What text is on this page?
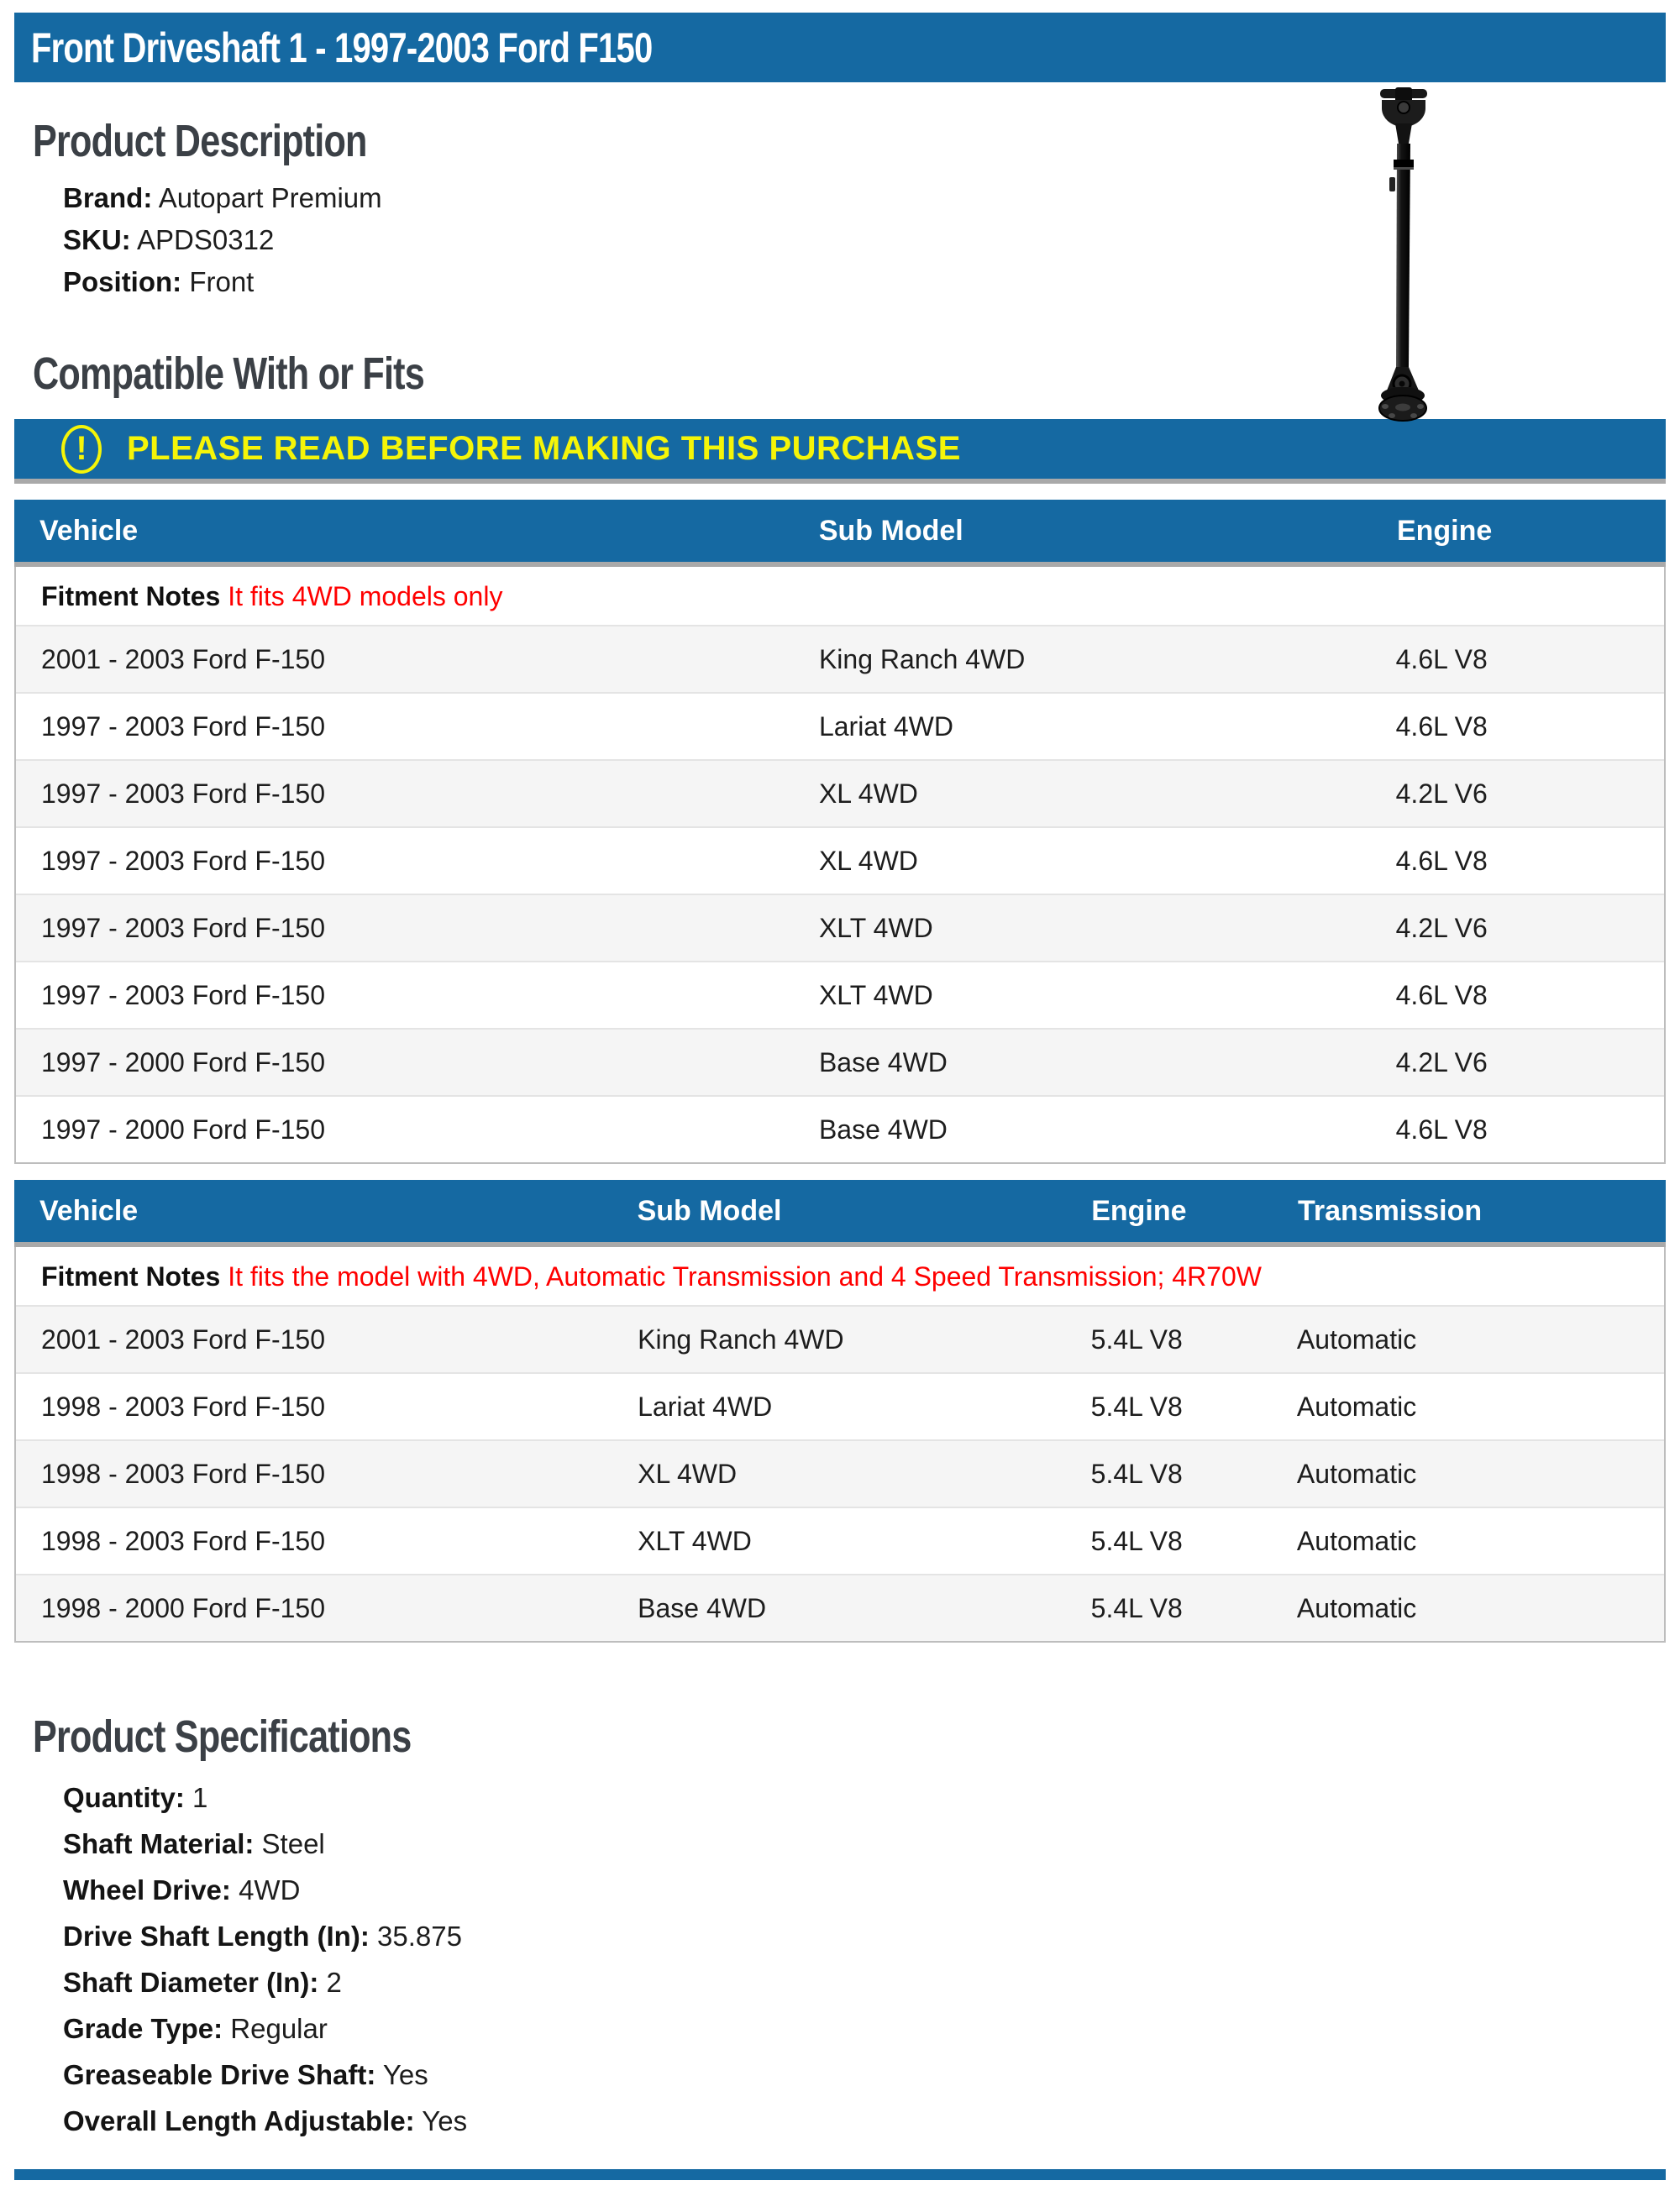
Front Driveshaft 1 - 1997-2003 Ford F150
Product Description
Brand: Autopart Premium
SKU: APDS0312
Position: Front
Compatible With or Fits
!	PLEASE READ BEFORE MAKING THIS PURCHASE
Vehicle	Sub Model	Engine
Fitment Notes It fits 4WD models only
2001 - 2003 Ford F-150	King Ranch 4WD	4.6L V8
1997 - 2003 Ford F-150	Lariat 4WD	4.6L V8
1997 - 2003 Ford F-150	XL 4WD	4.2L V6
1997 - 2003 Ford F-150	XL 4WD	4.6L V8
1997 - 2003 Ford F-150	XLT 4WD	4.2L V6
1997 - 2003 Ford F-150	XLT 4WD	4.6L V8
1997 - 2000 Ford F-150	Base 4WD	4.2L V6
1997 - 2000 Ford F-150	Base 4WD	4.6L V8
Vehicle	Sub Model	Engine	Transmission
Fitment Notes It fits the model with 4WD, Automatic Transmission and 4 Speed Transmission; 4R70W
2001 - 2003 Ford F-150	King Ranch 4WD	5.4L V8	Automatic
1998 - 2003 Ford F-150	Lariat 4WD	5.4L V8	Automatic
1998 - 2003 Ford F-150	XL 4WD	5.4L V8	Automatic
1998 - 2003 Ford F-150	XLT 4WD	5.4L V8	Automatic
1998 - 2000 Ford F-150	Base 4WD	5.4L V8	Automatic
Product Specifications
Quantity: 1
Shaft Material: Steel
Wheel Drive: 4WD
Drive Shaft Length (In): 35.875
Shaft Diameter (In): 2
Grade Type: Regular
Greaseable Drive Shaft: Yes
Overall Length Adjustable: Yes
